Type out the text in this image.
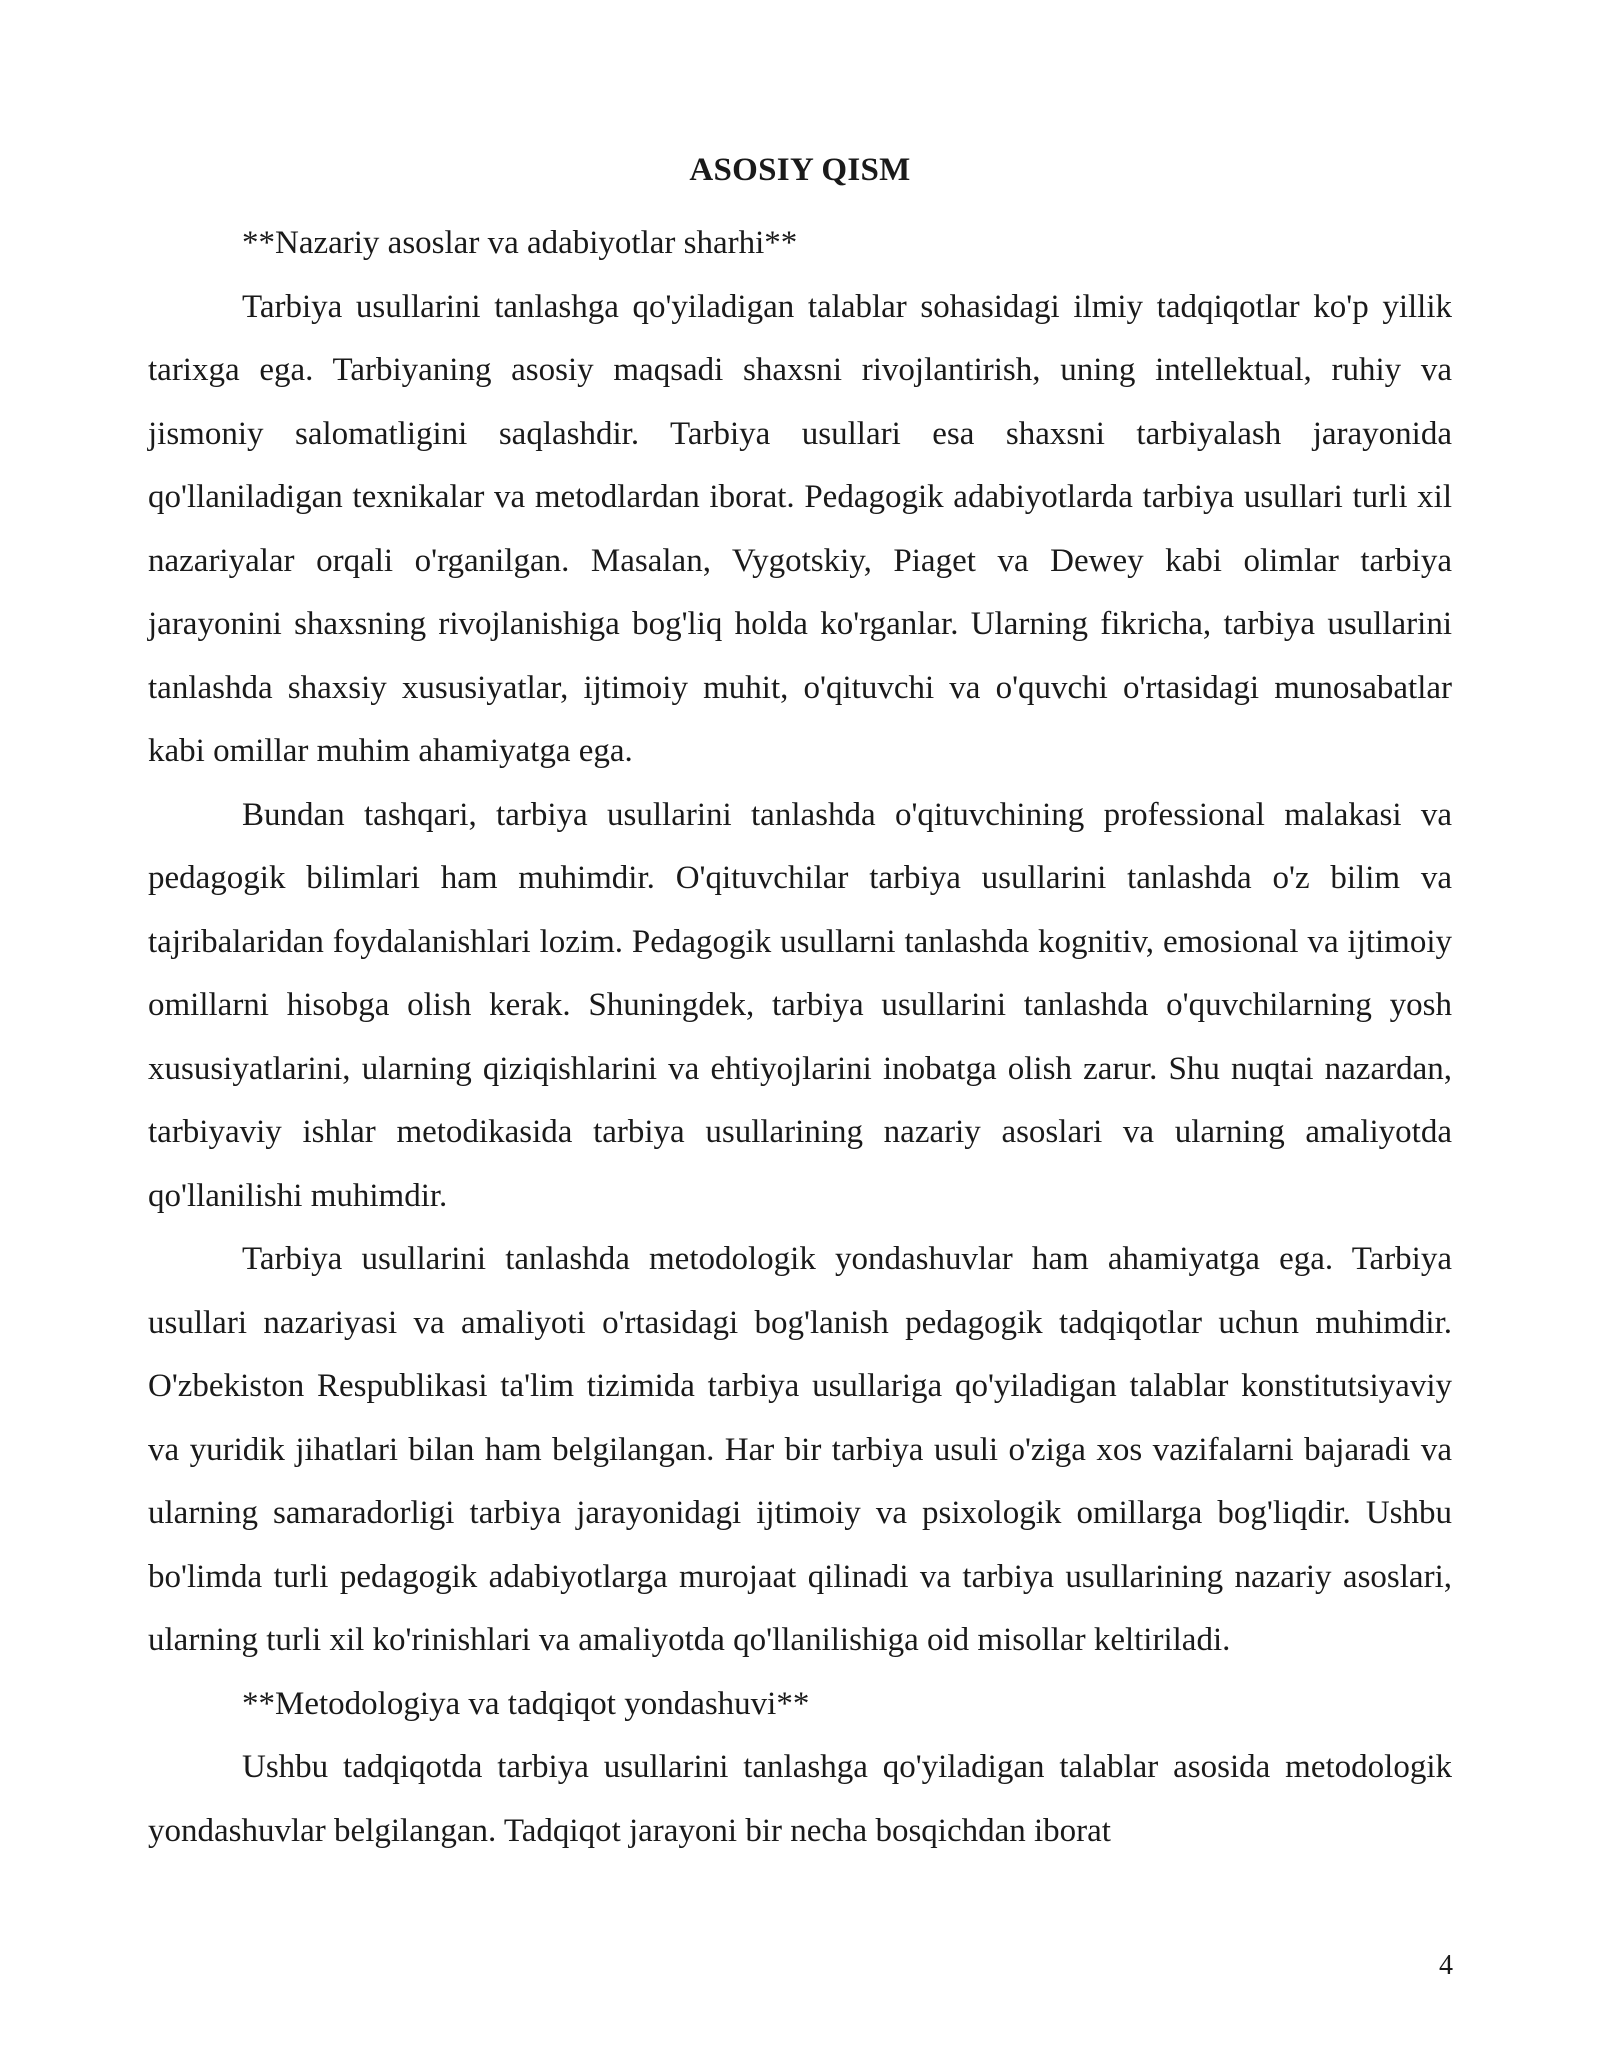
ASOSIY QISM

**Nazariy asoslar va adabiyotlar sharhi**

Tarbiya usullarini tanlashga qo'yiladigan talablar sohasidagi ilmiy tadqiqotlar ko'p yillik tarixga ega. Tarbiyaning asosiy maqsadi shaxsni rivojlantirish, uning intellektual, ruhiy va jismoniy salomatligini saqlashdir. Tarbiya usullari esa shaxsni tarbiyalash jarayonida qo'llaniladigan texnikalar va metodlardan iborat. Pedagogik adabiyotlarda tarbiya usullari turli xil nazariyalar orqali o'rganilgan. Masalan, Vygotskiy, Piaget va Dewey kabi olimlar tarbiya jarayonini shaxsning rivojlanishiga bog'liq holda ko'rganlar. Ularning fikricha, tarbiya usullarini tanlashda shaxsiy xususiyatlar, ijtimoiy muhit, o'qituvchi va o'quvchi o'rtasidagi munosabatlar kabi omillar muhim ahamiyatga ega.

Bundan tashqari, tarbiya usullarini tanlashda o'qituvchining professional malakasi va pedagogik bilimlari ham muhimdir. O'qituvchilar tarbiya usullarini tanlashda o'z bilim va tajribalaridan foydalanishlari lozim. Pedagogik usullarni tanlashda kognitiv, emosional va ijtimoiy omillarni hisobga olish kerak. Shuningdek, tarbiya usullarini tanlashda o'quvchilarning yosh xususiyatlarini, ularning qiziqishlarini va ehtiyojlarini inobatga olish zarur. Shu nuqtai nazardan, tarbiyaviy ishlar metodikasida tarbiya usullarining nazariy asoslari va ularning amaliyotda qo'llanilishi muhimdir.

Tarbiya usullarini tanlashda metodologik yondashuvlar ham ahamiyatga ega. Tarbiya usullari nazariyasi va amaliyoti o'rtasidagi bog'lanish pedagogik tadqiqotlar uchun muhimdir. O'zbekiston Respublikasi ta'lim tizimida tarbiya usullariga qo'yiladigan talablar konstitutsiyaviy va yuridik jihatlari bilan ham belgilangan. Har bir tarbiya usuli o'ziga xos vazifalarni bajaradi va ularning samaradorligi tarbiya jarayonidagi ijtimoiy va psixologik omillarga bog'liqdir. Ushbu bo'limda turli pedagogik adabiyotlarga murojaat qilinadi va tarbiya usullarining nazariy asoslari, ularning turli xil ko'rinishlari va amaliyotda qo'llanilishiga oid misollar keltiriladi.

**Metodologiya va tadqiqot yondashuvi**

Ushbu tadqiqotda tarbiya usullarini tanlashga qo'yiladigan talablar asosida metodologik yondashuvlar belgilangan. Tadqiqot jarayoni bir necha bosqichdan iborat

4
